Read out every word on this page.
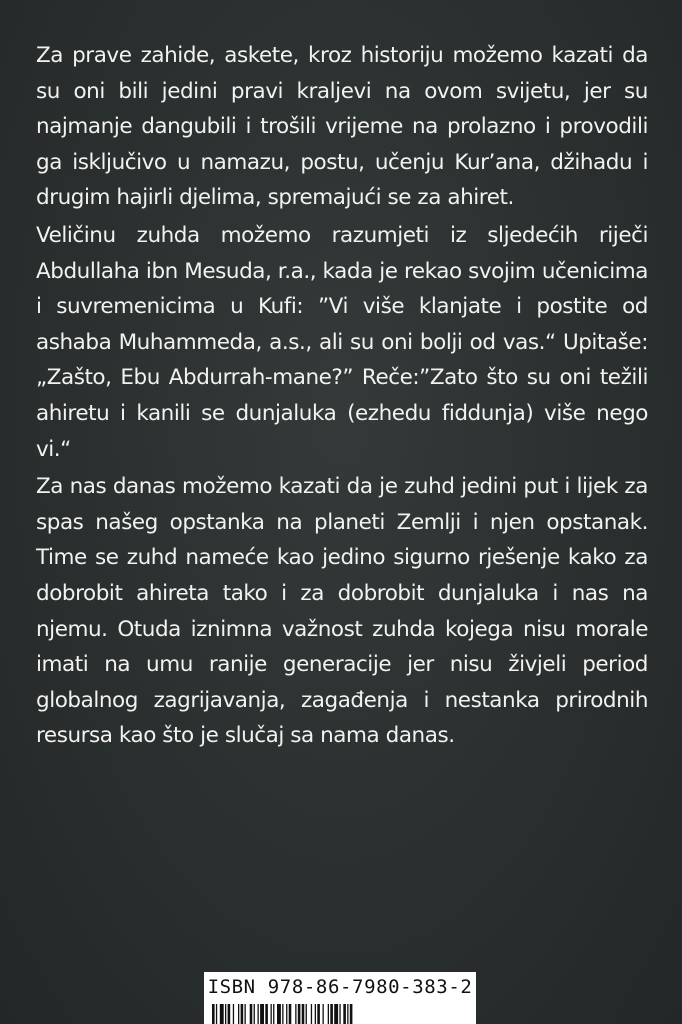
Za prave zahide, askete, kroz historiju možemo kazati da su oni bili jedini pravi kraljevi na ovom svijetu, jer su najmanje dangubili i trošili vrijeme na prolazno i provodili ga isključivo u namazu, postu, učenju Kur’ana, džihadu i drugim hajirli djelima, spremajući se za ahiret.

Veličinu zuhda možemo razumjeti iz sljedećih riječi Abdullaha ibn Mesuda, r.a., kada je rekao svojim učenicima i suvremenicima u Kufi: ”Vi više klanjate i postite od ashaba Muhammeda, a.s., ali su oni bolji od vas.“ Upitaše: „Zašto, Ebu Abdurrah-mane?” Reče:”Zato što su oni težili ahiretu i kanili se dunjaluka (ezhedu fiddunja) više nego vi.“

Za nas danas možemo kazati da je zuhd jedini put i lijek za spas našeg opstanka na planeti Zemlji i njen opstanak. Time se zuhd nameće kao jedino sigurno rješenje kako za dobrobit ahireta tako i za dobrobit dunjaluka i nas na njemu. Otuda iznimna važnost zuhda kojega nisu morale imati na umu ranije generacije jer nisu živjeli period globalnog zagrijavanja, zagađenja i nestanka prirodnih resursa kao što je slučaj sa nama danas.

ISBN 978-86-7980-383-2
